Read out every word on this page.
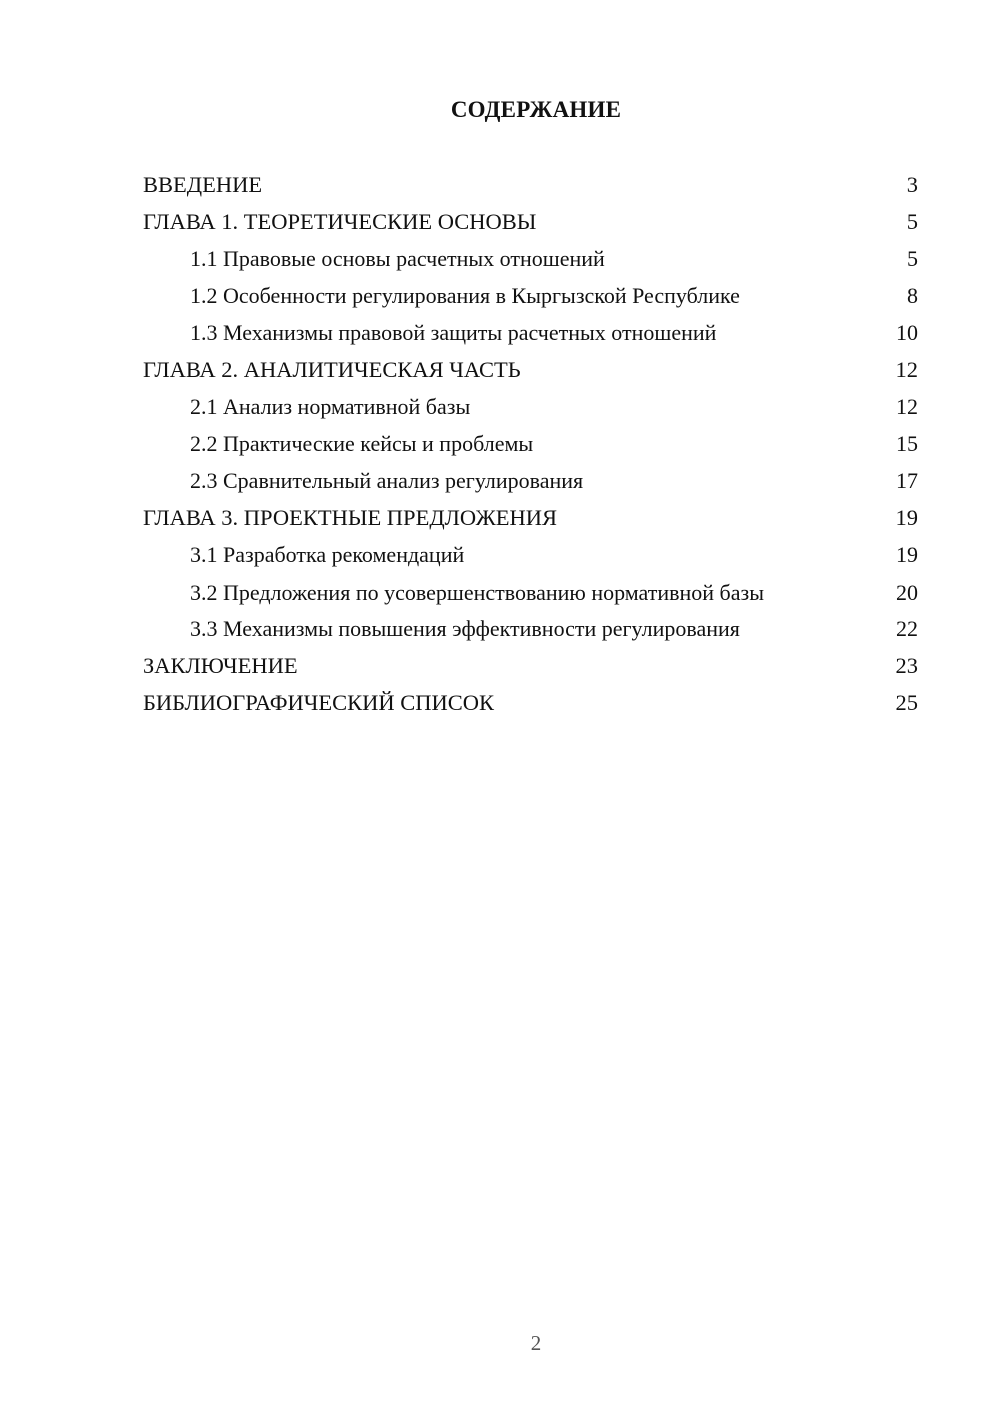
СОДЕРЖАНИЕ
ВВЕДЕНИЕ	3
ГЛАВА 1. ТЕОРЕТИЧЕСКИЕ ОСНОВЫ	5
1.1 Правовые основы расчетных отношений	5
1.2 Особенности регулирования в Кыргызской Республике	8
1.3 Механизмы правовой защиты расчетных отношений	10
ГЛАВА 2. АНАЛИТИЧЕСКАЯ ЧАСТЬ	12
2.1 Анализ нормативной базы	12
2.2 Практические кейсы и проблемы	15
2.3 Сравнительный анализ регулирования	17
ГЛАВА 3. ПРОЕКТНЫЕ ПРЕДЛОЖЕНИЯ	19
3.1 Разработка рекомендаций	19
3.2 Предложения по усовершенствованию нормативной базы	20
3.3 Механизмы повышения эффективности регулирования	22
ЗАКЛЮЧЕНИЕ	23
БИБЛИОГРАФИЧЕСКИЙ СПИСОК	25
2
